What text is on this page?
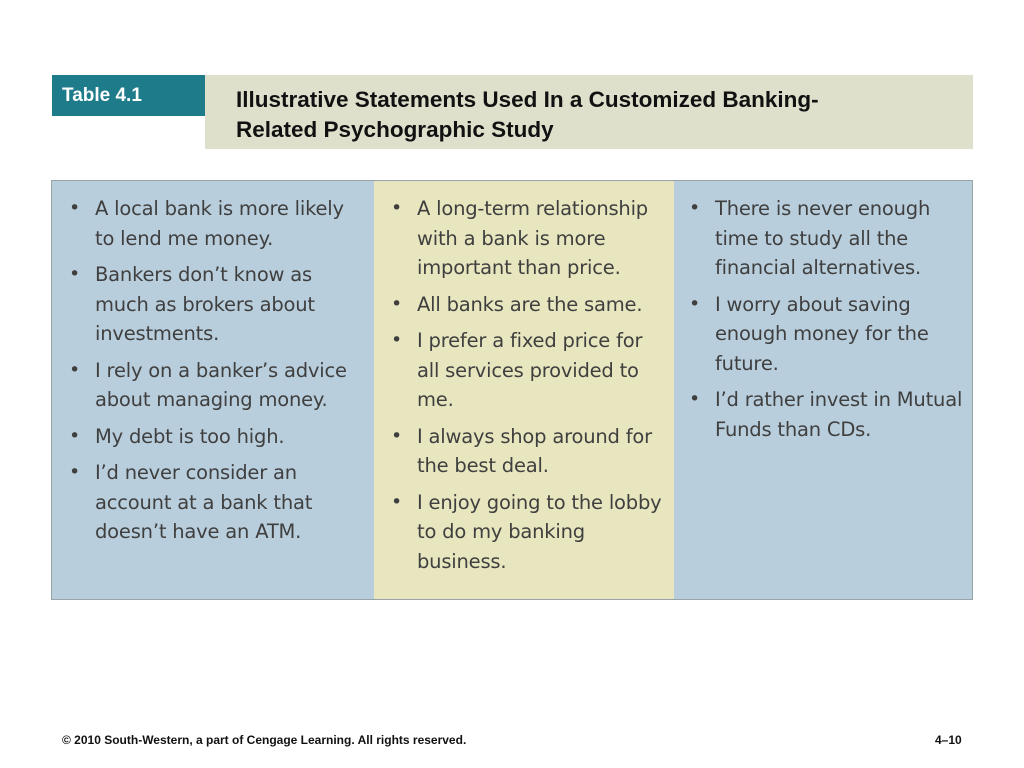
Table 4.1	Illustrative Statements Used In a Customized Banking-
Related Psychographic Study

• A local bank is more likely to lend me money.
• Bankers don’t know as much as brokers about investments.
• I rely on a banker’s advice about managing money.
• My debt is too high.
• I’d never consider an account at a bank that doesn’t have an ATM.
• A long-term relationship with a bank is more important than price.
• All banks are the same.
• I prefer a fixed price for all services provided to me.
• I always shop around for the best deal.
• I enjoy going to the lobby to do my banking business.
• There is never enough time to study all the financial alternatives.
• I worry about saving enough money for the future.
• I’d rather invest in Mutual Funds than CDs.
© 2010 South-Western, a part of Cengage Learning. All rights reserved.	4–10
